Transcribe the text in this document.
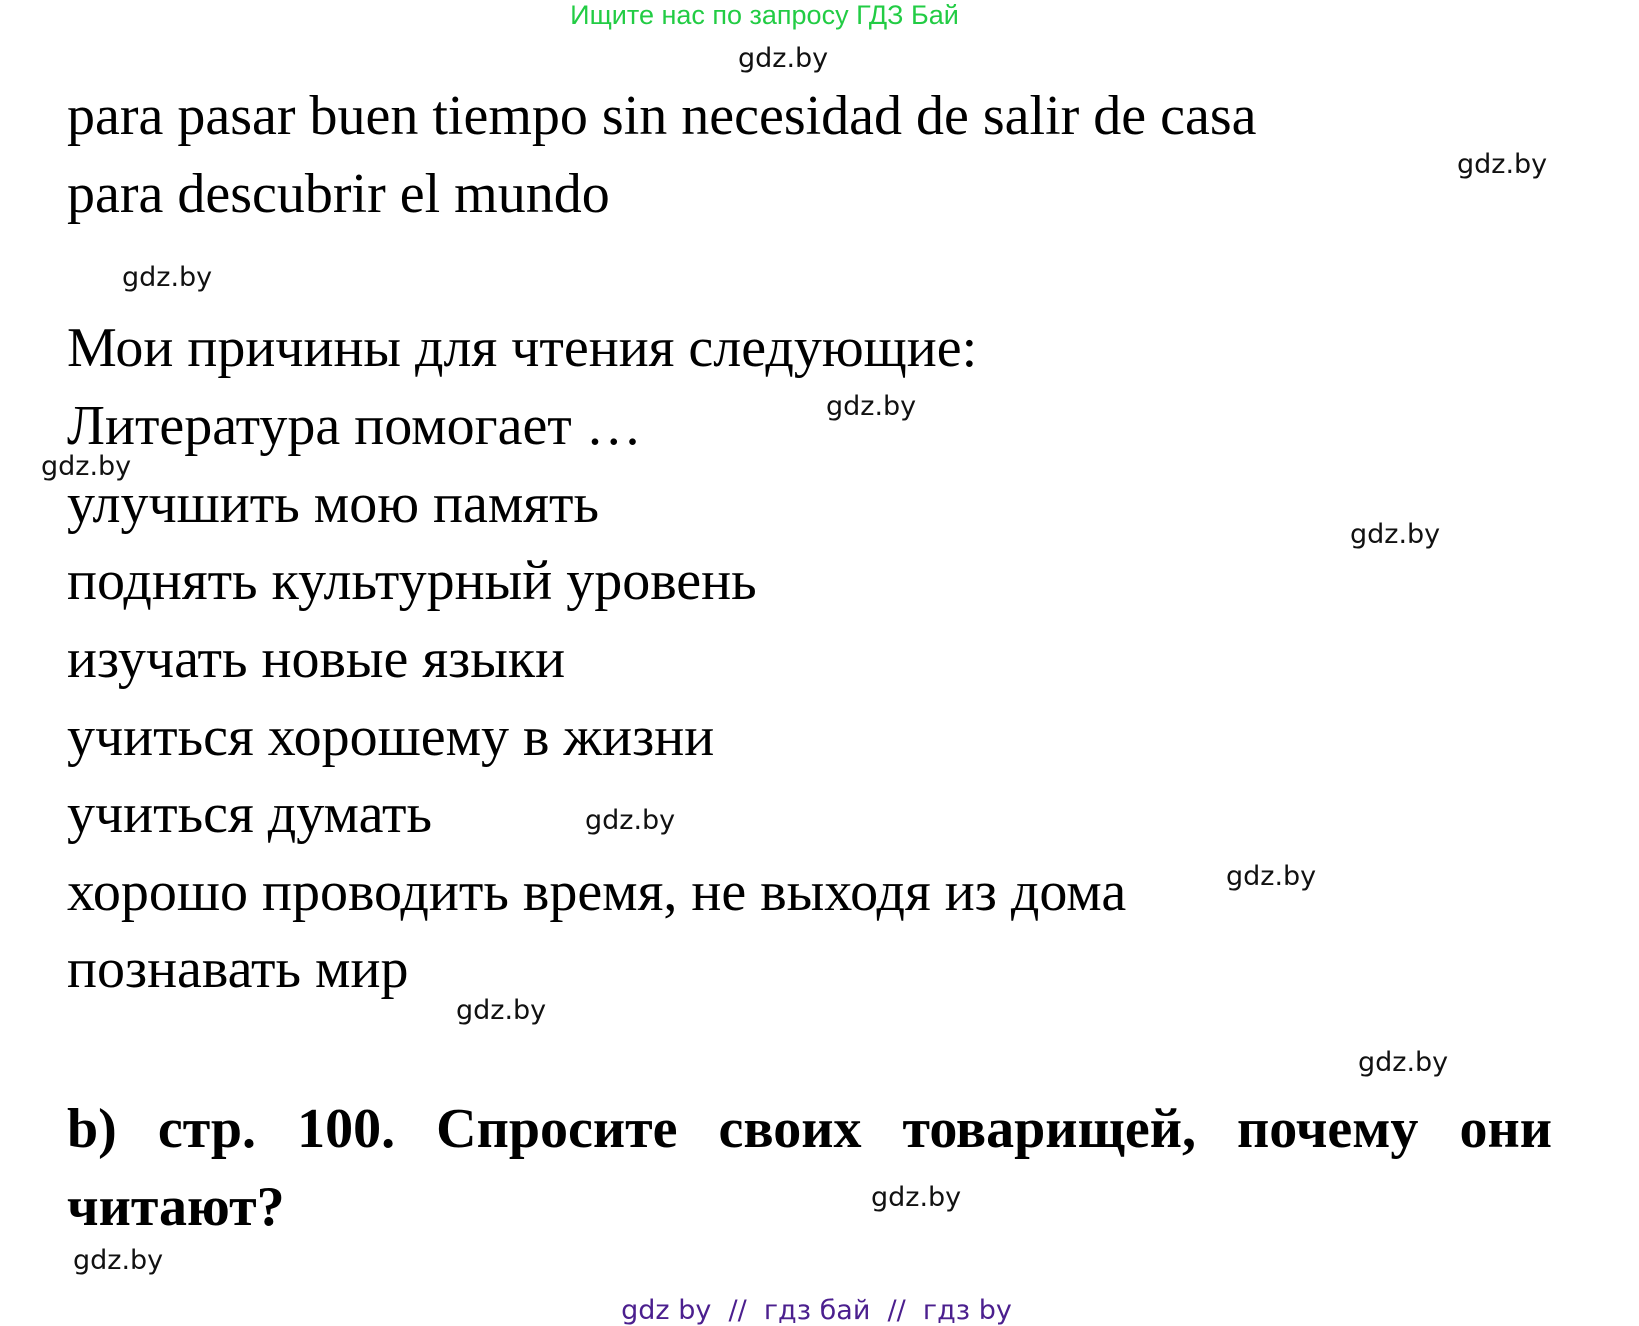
Ищите нас по запросу ГДЗ Бай
gdz.by
gdz.by
gdz.by
gdz.by
gdz.by
gdz.by
gdz.by
gdz.by
gdz.by
gdz.by
gdz.by
gdz.by
para pasar buen tiempo sin necesidad de salir de casa
para descubrir el mundo
Мои причины для чтения следующие:
Литература помогает …
улучшить мою память
поднять культурный уровень
изучать новые языки
учиться хорошему в жизни
учиться думать
хорошо проводить время, не выходя из дома
познавать мир
b) стр. 100. Спросите своих товарищей, почему они читают?
gdz by  //  гдз бай  //  гдз by
